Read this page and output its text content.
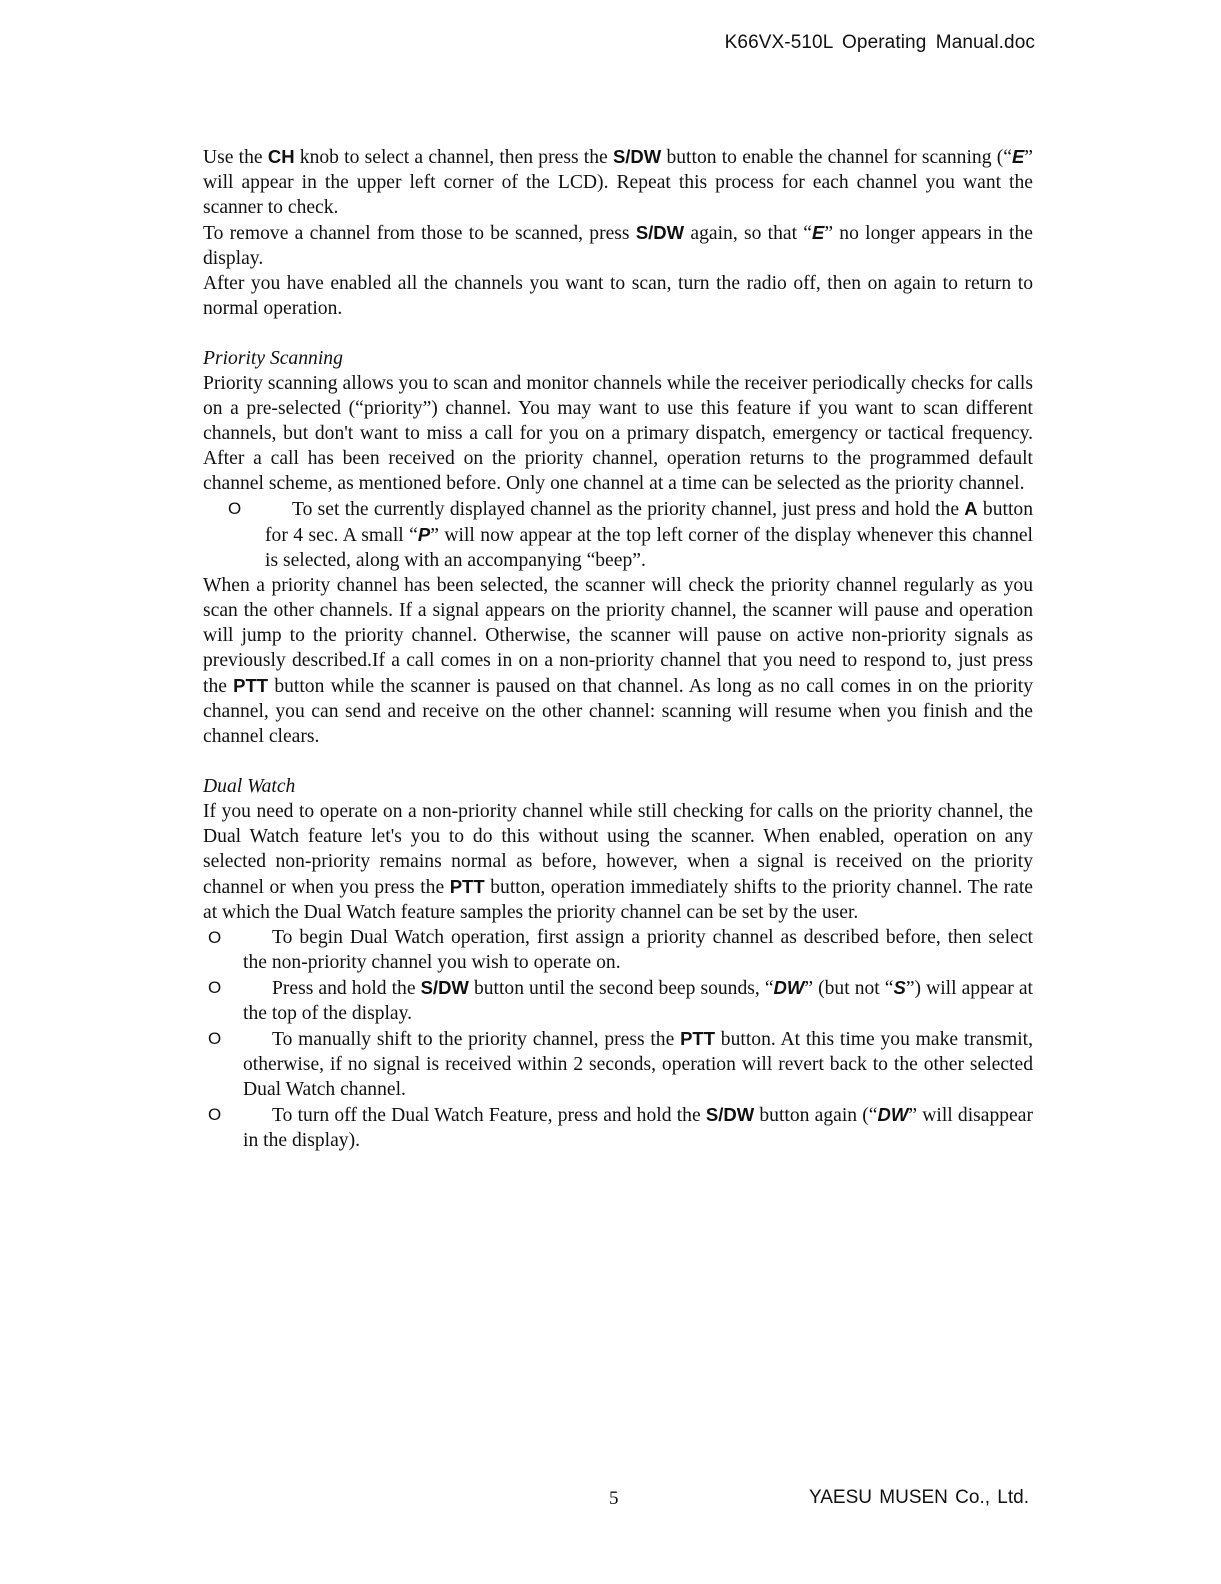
K66VX-510L Operating Manual.doc

Use the CH knob to select a channel, then press the S/DW button to enable the channel for scanning (“E” will appear in the upper left corner of the LCD). Repeat this process for each channel you want the scanner to check.

To remove a channel from those to be scanned, press S/DW again, so that “E” no longer appears in the display.

After you have enabled all the channels you want to scan, turn the radio off, then on again to return to normal operation.

Priority Scanning

Priority scanning allows you to scan and monitor channels while the receiver periodically checks for calls on a pre-selected (“priority”) channel. You may want to use this feature if you want to scan different channels, but don't want to miss a call for you on a primary dispatch, emergency or tactical frequency. After a call has been received on the priority channel, operation returns to the programmed default channel scheme, as mentioned before. Only one channel at a time can be selected as the priority channel.

O	To set the currently displayed channel as the priority channel, just press and hold the A button for 4 sec. A small “P” will now appear at the top left corner of the display whenever this channel is selected, along with an accompanying “beep”.

When a priority channel has been selected, the scanner will check the priority channel regularly as you scan the other channels. If a signal appears on the priority channel, the scanner will pause and operation will jump to the priority channel. Otherwise, the scanner will pause on active non-priority signals as previously described.If a call comes in on a non-priority channel that you need to respond to, just press the PTT button while the scanner is paused on that channel. As long as no call comes in on the priority channel, you can send and receive on the other channel: scanning will resume when you finish and the channel clears.

Dual Watch

If you need to operate on a non-priority channel while still checking for calls on the priority channel, the Dual Watch feature let's you to do this without using the scanner. When enabled, operation on any selected non-priority remains normal as before, however, when a signal is received on the priority channel or when you press the PTT button, operation immediately shifts to the priority channel. The rate at which the Dual Watch feature samples the priority channel can be set by the user.

O	To begin Dual Watch operation, first assign a priority channel as described before, then select the non-priority channel you wish to operate on.
O	Press and hold the S/DW button until the second beep sounds, “DW” (but not “S”) will appear at the top of the display.
O	To manually shift to the priority channel, press the PTT button. At this time you make transmit, otherwise, if no signal is received within 2 seconds, operation will revert back to the other selected Dual Watch channel.
O	To turn off the Dual Watch Feature, press and hold the S/DW button again (“DW” will disappear in the display).
5	YAESU MUSEN Co., Ltd.
